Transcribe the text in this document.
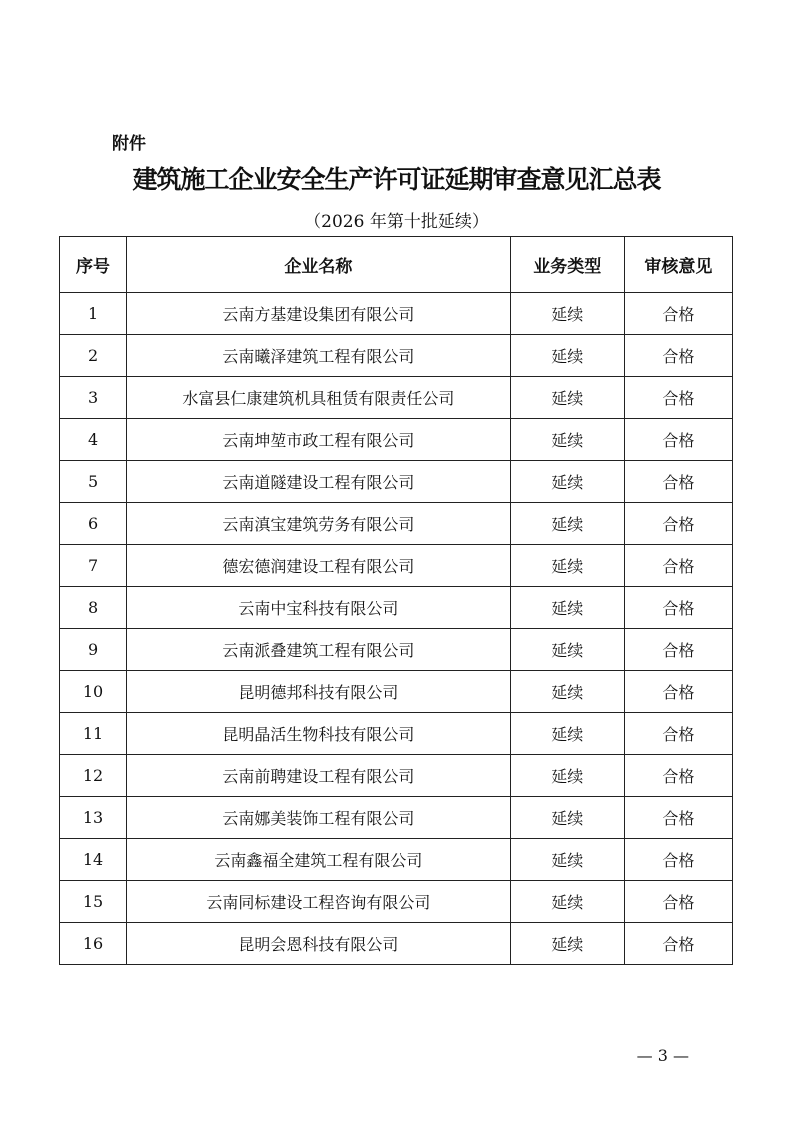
附件
建筑施工企业安全生产许可证延期审查意见汇总表
（2026 年第十批延续）
序号	企业名称	业务类型	审核意见
1	云南方基建设集团有限公司	延续	合格
2	云南曦泽建筑工程有限公司	延续	合格
3	水富县仁康建筑机具租赁有限责任公司	延续	合格
4	云南坤堃市政工程有限公司	延续	合格
5	云南道隧建设工程有限公司	延续	合格
6	云南滇宝建筑劳务有限公司	延续	合格
7	德宏德润建设工程有限公司	延续	合格
8	云南中宝科技有限公司	延续	合格
9	云南派叠建筑工程有限公司	延续	合格
10	昆明德邦科技有限公司	延续	合格
11	昆明晶活生物科技有限公司	延续	合格
12	云南前聘建设工程有限公司	延续	合格
13	云南娜美装饰工程有限公司	延续	合格
14	云南鑫福全建筑工程有限公司	延续	合格
15	云南同标建设工程咨询有限公司	延续	合格
16	昆明会恩科技有限公司	延续	合格
— 3 —
